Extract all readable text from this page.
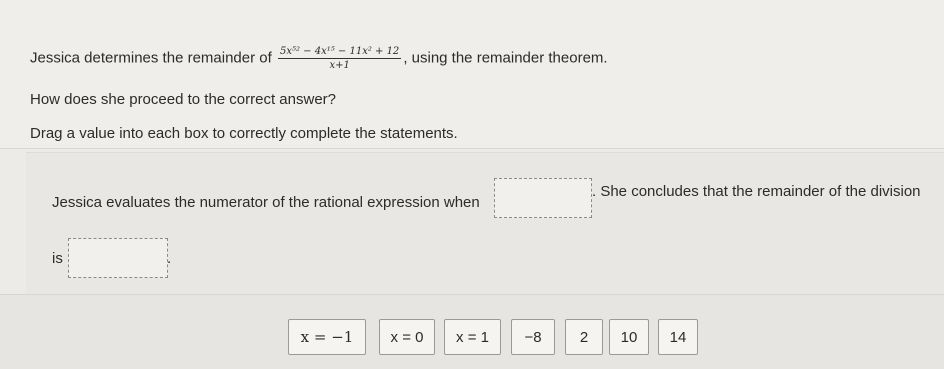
Jessica determines the remainder of $\frac{\text{5x⁵² − 4x¹⁵ − 11x² + 12}}{x+1}$ , using the remainder theorem.
How does she proceed to the correct answer?
Drag a value into each box to correctly complete the statements.
Jessica evaluates the numerator of the rational expression when
. She concludes that the remainder of the division
is	.
x = −1	x = 0	x = 1	−8	2	10	14
